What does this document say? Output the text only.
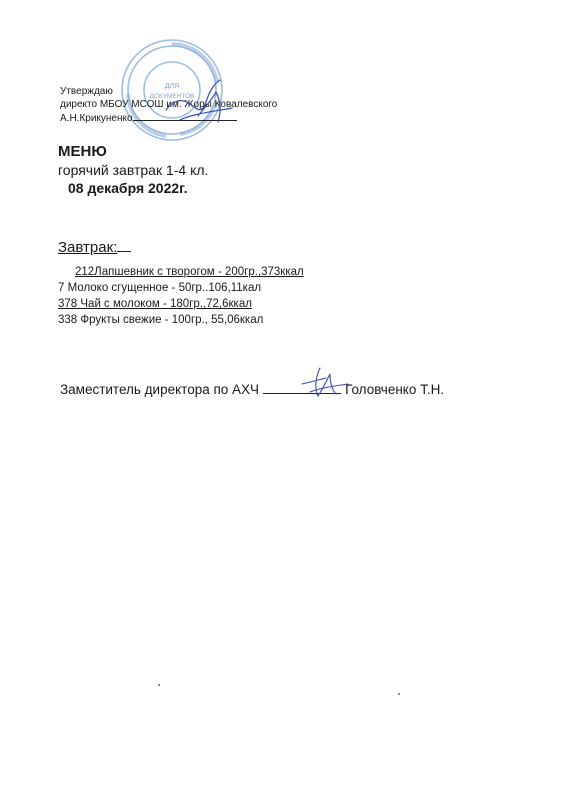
ДЛЯ
ДОКУМЕНТОВ
Утверждаю
директо МБОУ МСОШ им. Жоры Ковалевского
А.Н.Крикуненко
МЕНЮ
горячий завтрак 1-4 кл.
08 декабря 2022г.
Завтрак:
212Лапшевник с творогом - 200гр.,373ккал
7 Молоко сгущенное - 50гр..106,11кал
378 Чай с молоком - 180гр.,72,6ккал
338 Фрукты свежие - 100гр., 55,06ккал
Заместитель директора по АХЧ	Головченко Т.Н.
